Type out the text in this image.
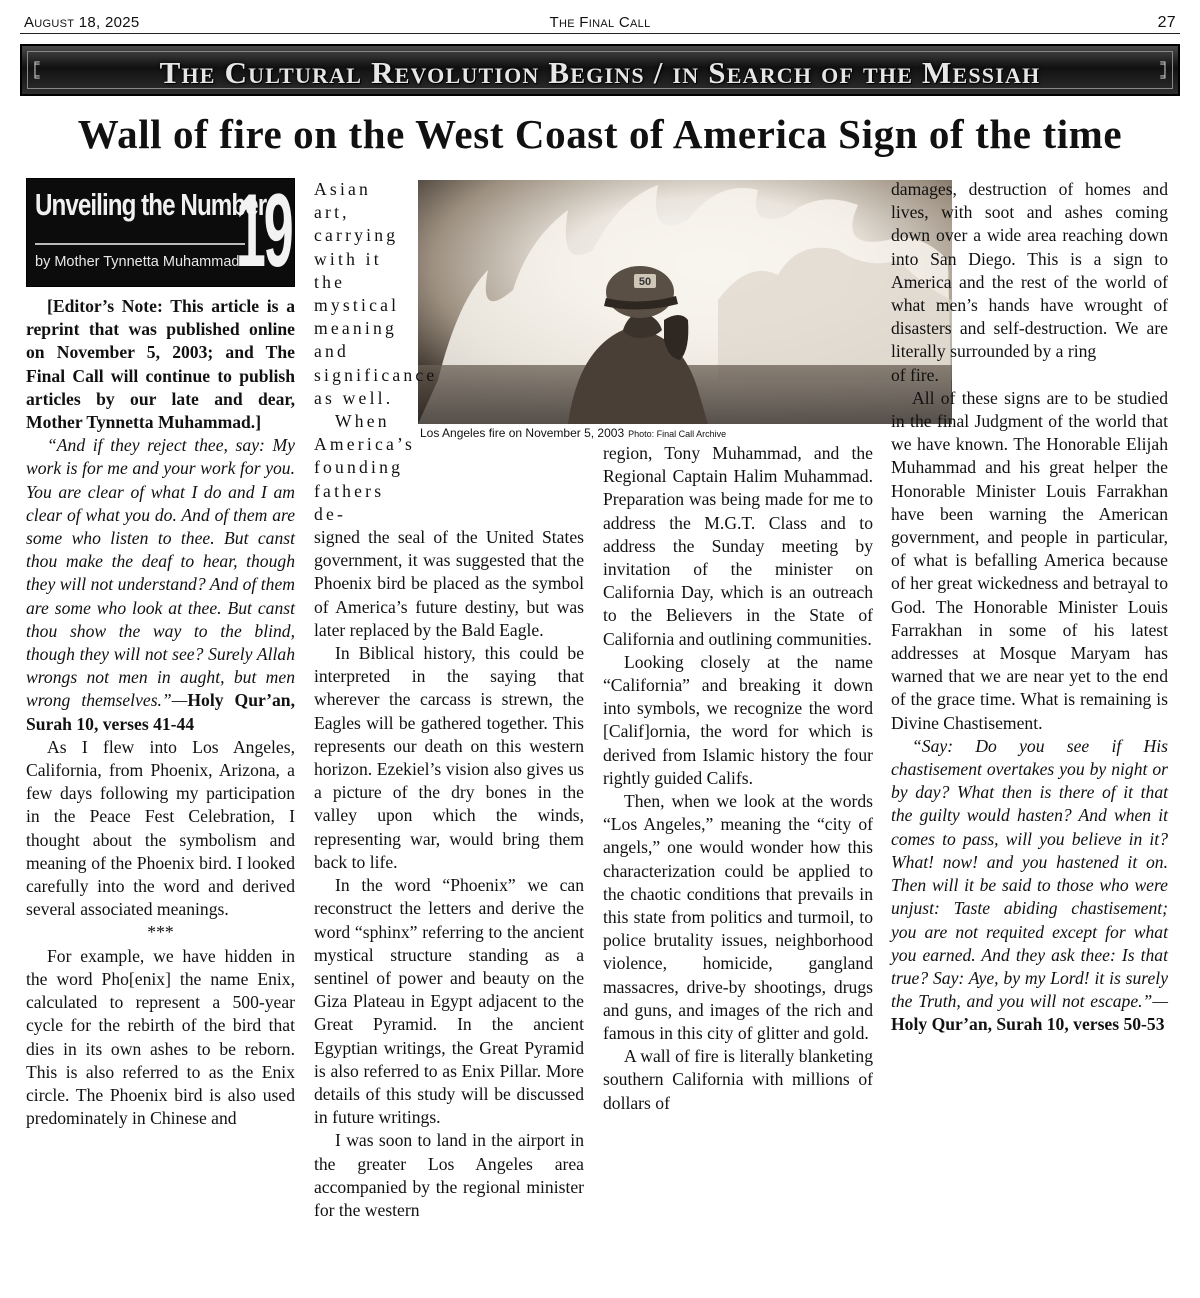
August 18, 2025	The Final Call	27
╒
╘
╕
╛
The Cultural Revolution Begins / in Search of the Messiah
Wall of fire on the West Coast of America Sign of the time
50
Los Angeles fire on November 5, 2003 Photo: Final Call Archive
Unveiling the Number
by Mother Tynnetta Muhammad
19

[Editor’s Note: This article is a reprint that was published online on November 5, 2003; and The Final Call will continue to publish articles by our late and dear, Mother Tynnetta Muhammad.]

“And if they reject thee, say: My work is for me and your work for you. You are clear of what I do and I am clear of what you do. And of them are some who listen to thee. But canst thou make the deaf to hear, though they will not understand? And of them are some who look at thee. But canst thou show the way to the blind, though they will not see? Surely Allah wrongs not men in aught, but men wrong themselves.”—Holy Qur’an, Surah 10, verses 41-44

As I flew into Los Angeles, California, from Phoenix, Arizona, a few days following my participation in the Peace Fest Celebration, I thought about the symbolism and meaning of the Phoenix bird. I looked carefully into the word and derived several associated meanings.

***

For example, we have hidden in the word Pho[enix] the name Enix, calculated to represent a 500-year cycle for the rebirth of the bird that dies in its own ashes to be reborn. This is also referred to as the Enix circle. The Phoenix bird is also used predominately in Chinese and

Asian art, carrying with it the mystical meaning and significance as well.

When America’s founding fathers de-

signed the seal of the United States government, it was suggested that the Phoenix bird be placed as the symbol of America’s future destiny, but was later replaced by the Bald Eagle.

In Biblical history, this could be interpreted in the saying that wherever the carcass is strewn, the Eagles will be gathered together. This represents our death on this western horizon. Ezekiel’s vision also gives us a picture of the dry bones in the valley upon which the winds, representing war, would bring them back to life.

In the word “Phoenix” we can reconstruct the letters and derive the word “sphinx” referring to the ancient mystical structure standing as a sentinel of power and beauty on the Giza Plateau in Egypt adjacent to the Great Pyramid. In the ancient Egyptian writings, the Great Pyramid is also referred to as Enix Pillar. More details of this study will be discussed in future writings.

I was soon to land in the airport in the greater Los Angeles area accompanied by the regional minister for the western

region, Tony Muhammad, and the Regional Captain Halim Muhammad. Preparation was being made for me to address the M.G.T. Class and to address the Sunday meeting by invitation of the minister on California Day, which is an outreach to the Believers in the State of California and outlining communities.

Looking closely at the name “California” and breaking it down into symbols, we recognize the word [Calif]ornia, the word for which is derived from Islamic history the four rightly guided Califs.

Then, when we look at the words “Los Angeles,” meaning the “city of angels,” one would wonder how this characterization could be applied to the chaotic conditions that prevails in this state from politics and turmoil, to police brutality issues, neighborhood violence, homicide, gangland massacres, drive-by shootings, drugs and guns, and images of the rich and famous in this city of glitter and gold.

A wall of fire is literally blanketing southern California with millions of dollars of

damages, destruction of homes and lives, with soot and ashes coming down over a wide area reaching down into San Diego. This is a sign to America and the rest of the world of what men’s hands have wrought of disasters and self-destruction. We are literally surrounded by a ring

of fire.

All of these signs are to be studied in the final Judgment of the world that we have known. The Honorable Elijah Muhammad and his great helper the Honorable Minister Louis Farrakhan have been warning the American government, and people in particular, of what is befalling America because of her great wickedness and betrayal to God. The Honorable Minister Louis Farrakhan in some of his latest addresses at Mosque Maryam has warned that we are near yet to the end of the grace time. What is remaining is Divine Chastisement.

“Say: Do you see if His chastisement overtakes you by night or by day? What then is there of it that the guilty would hasten? And when it comes to pass, will you believe in it? What! now! and you hastened it on. Then will it be said to those who were unjust: Taste abiding chastisement; you are not requited except for what you earned. And they ask thee: Is that true? Say: Aye, by my Lord! it is surely the Truth, and you will not escape.”—Holy Qur’an, Surah 10, verses 50-53
